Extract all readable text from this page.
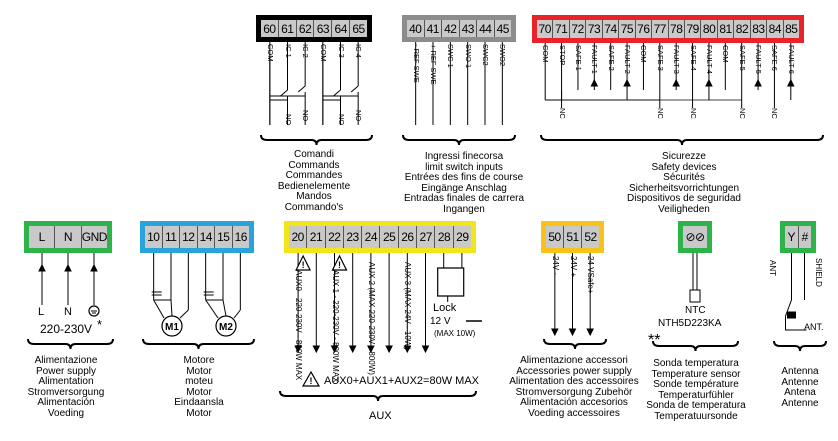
M1	M2
!	!
!
60 61 62 63 64 65
COM IC 1 IC 2 COM IC 3 IC 4
NO NO	NO NO
Comandi
Commands
Commandes
Bedienelemente
Mandos
Commando's
40 41 42 43 44 45
- REF SWE + REF SWE SWC 1 SWO 1 SWC2 SWO2
Ingressi finecorsa
limit switch inputs
Entrées des fins de course
Eingänge Anschlag
Entradas finales de carrera
Ingangen
70 71 72 73 74 75 76 77 78 79 80 81 82 83 84 85
COM STOP SAFE 1 FAULT 1 SAFE 2 FAULT 2 COM SAFE 3 FAULT 3 SAFE 4 FAULT 4 COM SAFE 5 FAULT 5 SAFE 6 FAULT 6
NC	NC	NC	NC	NC
Sicurezze
Safety devices
Sécurités
Sicherheitsvorrichtungen
Dispositivos de seguridad
Veiligheden
L	N GND
L N
220-230V *
Alimentazione
Power supply
Alimentation
Stromversorgung
Alimentación
Voeding
10 11 12 14 15 16
Motore
Motor
moteu
Motor
Eindaansla
Motor
20 21 22 23 24 25 26 27 28 29
AUX0 - 220-230V - 800W MAX	AUX 1 - 220-230V - 800W MAX	AUX 2 (MAX 220-230V - 800W)	AUX 3 (MAX 24V - 10W) Lock
12 V
(MAX 10W)
AUX0+AUX1+AUX2=80W MAX
AUX
50 51 52
24V - 24V + 24 VSafe+
Alimentazione accessori
Accessories power supply
Alimentation des accessoires
Stromversorgung Zubehör
Alimentación accesorios
Voeding accessoires
⊘⊘
NTC
NTH5D223KA
**
Sonda temperatura
Temperature sensor
Sonde température
Temperaturfühler
Sonda de temperatura
Temperatuursonde
Y #
ANT	SHIELD
ANT.
Antenna
Antenne
Antena
Antenne
